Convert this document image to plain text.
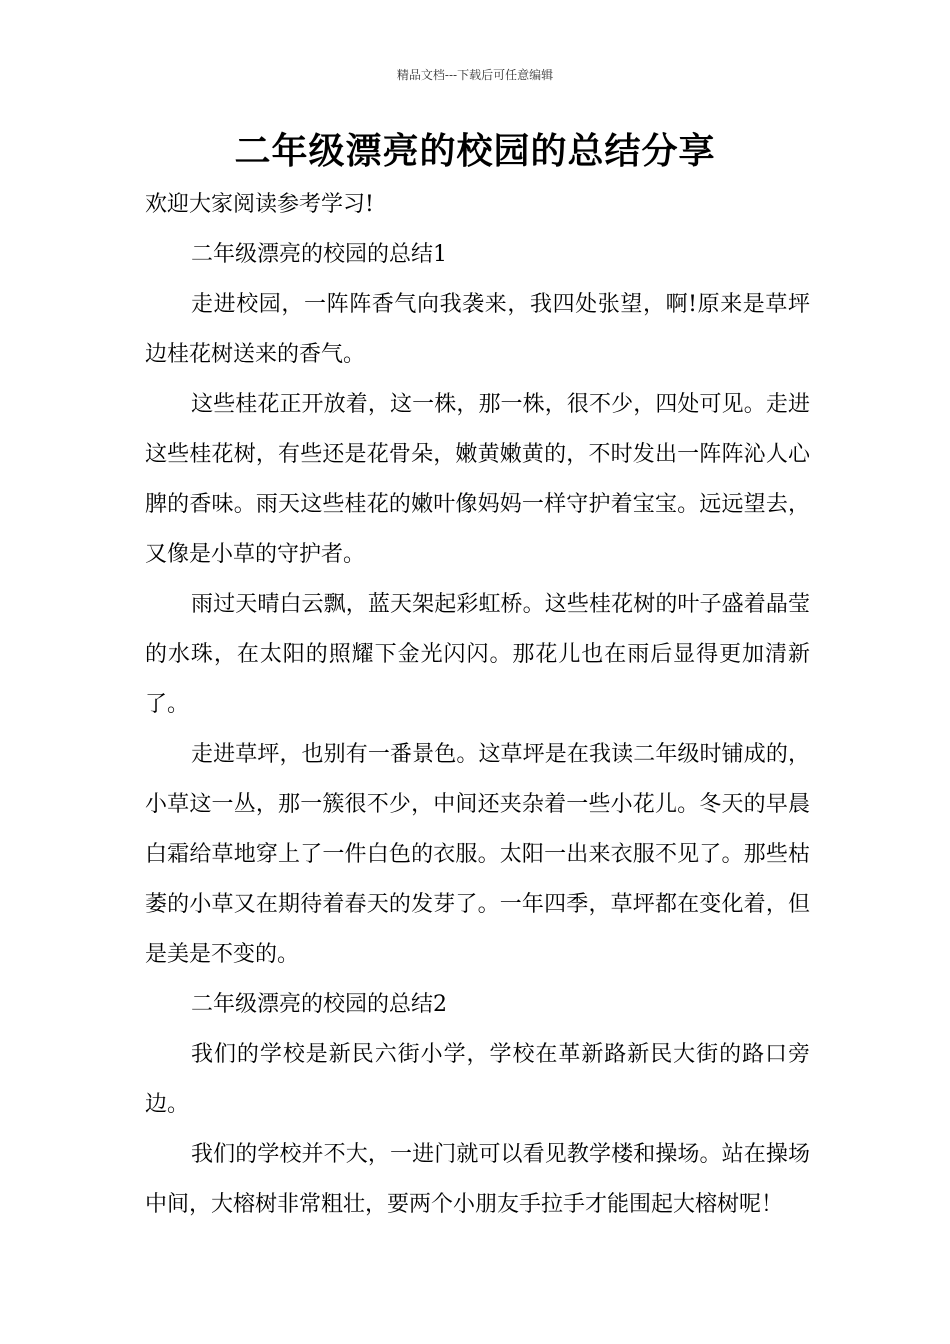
精品文档---下载后可任意编辑
二年级漂亮的校园的总结分享

欢迎大家阅读参考学习!

二年级漂亮的校园的总结1

走进校园，一阵阵香气向我袭来，我四处张望，啊!原来是草坪边桂花树送来的香气。

这些桂花正开放着，这一株，那一株，很不少，四处可见。走进这些桂花树，有些还是花骨朵，嫩黄嫩黄的，不时发出一阵阵沁人心脾的香味。雨天这些桂花的嫩叶像妈妈一样守护着宝宝。远远望去，又像是小草的守护者。

雨过天晴白云飘，蓝天架起彩虹桥。这些桂花树的叶子盛着晶莹的水珠，在太阳的照耀下金光闪闪。那花儿也在雨后显得更加清新了。

走进草坪，也别有一番景色。这草坪是在我读二年级时铺成的，小草这一丛，那一簇很不少，中间还夹杂着一些小花儿。冬天的早晨白霜给草地穿上了一件白色的衣服。太阳一出来衣服不见了。那些枯萎的小草又在期待着春天的发芽了。一年四季，草坪都在变化着，但是美是不变的。

二年级漂亮的校园的总结2

我们的学校是新民六街小学，学校在革新路新民大街的路口旁边。

我们的学校并不大，一进门就可以看见教学楼和操场。站在操场中间，大榕树非常粗壮，要两个小朋友手拉手才能围起大榕树呢！
